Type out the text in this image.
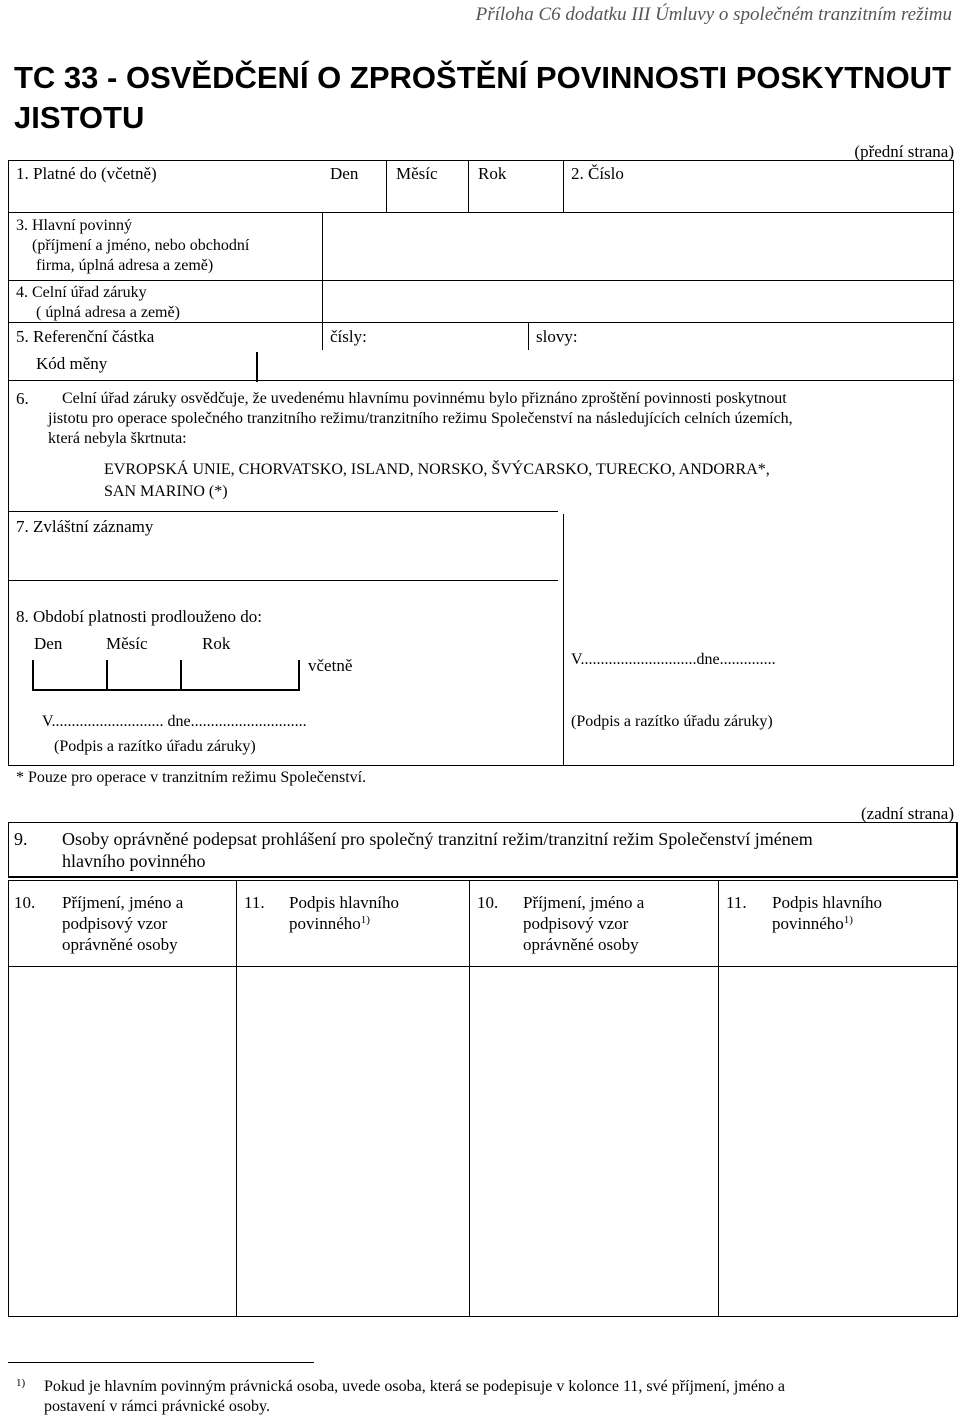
Příloha C6 dodatku III Úmluvy o společném tranzitním režimu
TC 33 - OSVĚDČENÍ O ZPROŠTĚNÍ POVINNOSTI POSKYTNOUT
JISTOTU
(přední strana)
1. Platné do (včetně)	Den Měsíc Rok	2. Číslo
3. Hlavní povinný
(příjmení a jméno, nebo obchodní
firma, úplná adresa a země)
4. Celní úřad záruky
( úplná adresa a země)
5. Referenční částka	čísly:	slovy:
Kód měny
6.	Celní úřad záruky osvědčuje, že uvedenému hlavnímu povinnému bylo přiznáno zproštění povinnosti poskytnout
jistotu pro operace společného tranzitního režimu/tranzitního režimu Společenství na následujících celních územích,
která nebyla škrtnuta:
EVROPSKÁ UNIE, CHORVATSKO, ISLAND, NORSKO, ŠVÝCARSKO, TURECKO, ANDORRA*,
SAN MARINO (*)
7. Zvláštní záznamy
8. Období platnosti prodlouženo do:
Den	Měsíc	Rok
včetně
V............................ dne.............................
(Podpis a razítko úřadu záruky)
V.............................dne..............
(Podpis a razítko úřadu záruky)
* Pouze pro operace v tranzitním režimu Společenství.
(zadní strana)
9. Osoby oprávněné podepsat prohlášení pro společný tranzitní režim/tranzitní režim Společenství jménem
hlavního povinného
10. Příjmení, jméno a
podpisový vzor
oprávněné osoby
11. Podpis hlavního
povinného$^{1)}$
10. Příjmení, jméno a
podpisový vzor
oprávněné osoby
11. Podpis hlavního
povinného$^{1)}$
1) Pokud je hlavním povinným právnická osoba, uvede osoba, která se podepisuje v kolonce 11, své příjmení, jméno a
postavení v rámci právnické osoby.
